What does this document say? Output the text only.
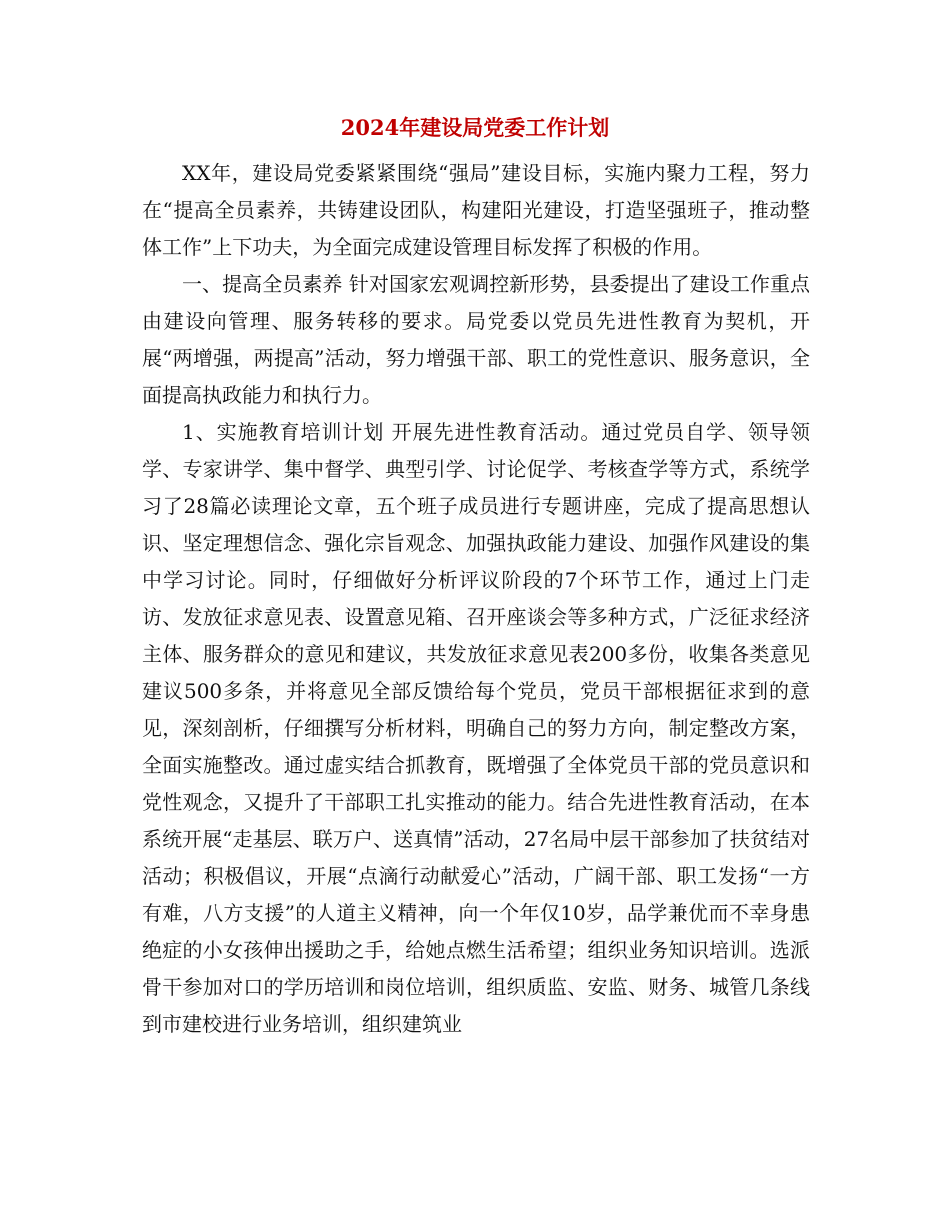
2024年建设局党委工作计划

XX年，建设局党委紧紧围绕“强局”建设目标，实施内聚力工程，努力在“提高全员素养，共铸建设团队，构建阳光建设，打造坚强班子，推动整体工作”上下功夫，为全面完成建设管理目标发挥了积极的作用。

一、提高全员素养 针对国家宏观调控新形势，县委提出了建设工作重点由建设向管理、服务转移的要求。局党委以党员先进性教育为契机，开展“两增强，两提高”活动，努力增强干部、职工的党性意识、服务意识，全面提高执政能力和执行力。

1、实施教育培训计划 开展先进性教育活动。通过党员自学、领导领学、专家讲学、集中督学、典型引学、讨论促学、考核查学等方式，系统学习了28篇必读理论文章，五个班子成员进行专题讲座，完成了提高思想认识、坚定理想信念、强化宗旨观念、加强执政能力建设、加强作风建设的集中学习讨论。同时，仔细做好分析评议阶段的7个环节工作，通过上门走访、发放征求意见表、设置意见箱、召开座谈会等多种方式，广泛征求经济主体、服务群众的意见和建议，共发放征求意见表200多份，收集各类意见建议500多条，并将意见全部反馈给每个党员，党员干部根据征求到的意见，深刻剖析，仔细撰写分析材料，明确自己的努力方向，制定整改方案，全面实施整改。通过虚实结合抓教育，既增强了全体党员干部的党员意识和党性观念，又提升了干部职工扎实推动的能力。结合先进性教育活动，在本系统开展“走基层、联万户、送真情”活动，27名局中层干部参加了扶贫结对活动；积极倡议，开展“点滴行动献爱心”活动，广阔干部、职工发扬“一方有难，八方支援”的人道主义精神，向一个年仅10岁，品学兼优而不幸身患绝症的小女孩伸出援助之手，给她点燃生活希望；组织业务知识培训。选派骨干参加对口的学历培训和岗位培训，组织质监、安监、财务、城管几条线到市建校进行业务培训，组织建筑业
